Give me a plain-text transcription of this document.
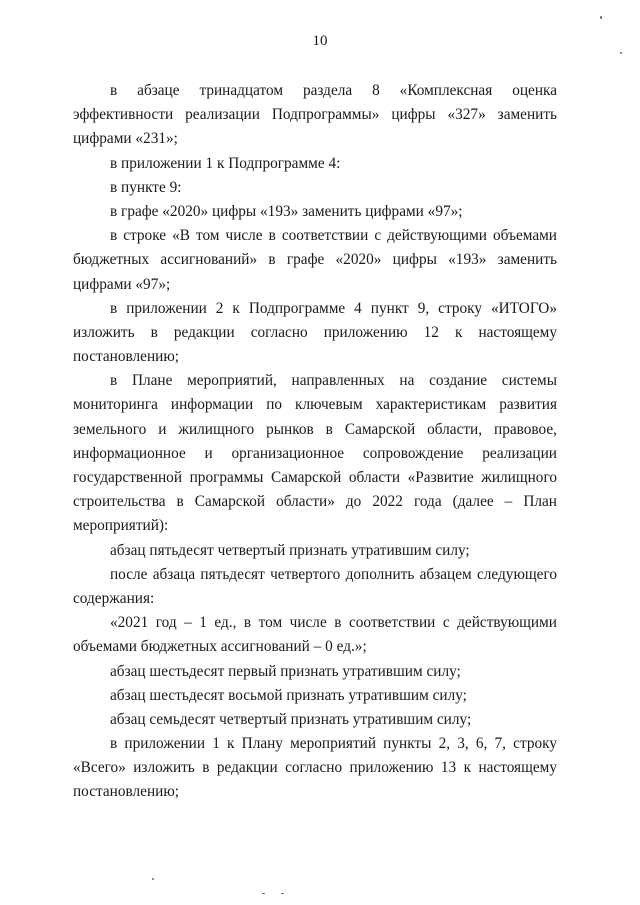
10
в абзаце тринадцатом раздела 8 «Комплексная оценка
эффективности реализации Подпрограммы» цифры «327» заменить
цифрами «231»;
в приложении 1 к Подпрограмме 4:
в пункте 9:
в графе «2020» цифры «193» заменить цифрами «97»;
в строке «В том числе в соответствии с действующими объемами
бюджетных ассигнований» в графе «2020» цифры «193» заменить
цифрами «97»;
в приложении 2 к Подпрограмме 4 пункт 9, строку «ИТОГО»
изложить в редакции согласно приложению 12 к настоящему
постановлению;
в Плане мероприятий, направленных на создание системы
мониторинга информации по ключевым характеристикам развития
земельного и жилищного рынков в Самарской области, правовое,
информационное и организационное сопровождение реализации
государственной программы Самарской области «Развитие жилищного
строительства в Самарской области» до 2022 года (далее – План
мероприятий):
абзац пятьдесят четвертый признать утратившим силу;
после абзаца пятьдесят четвертого дополнить абзацем следующего
содержания:
«2021 год – 1 ед., в том числе в соответствии с действующими
объемами бюджетных ассигнований – 0 ед.»;
абзац шестьдесят первый признать утратившим силу;
абзац шестьдесят восьмой признать утратившим силу;
абзац семьдесят четвертый признать утратившим силу;
в приложении 1 к Плану мероприятий пункты 2, 3, 6, 7, строку
«Всего» изложить в редакции согласно приложению 13 к настоящему
постановлению;
